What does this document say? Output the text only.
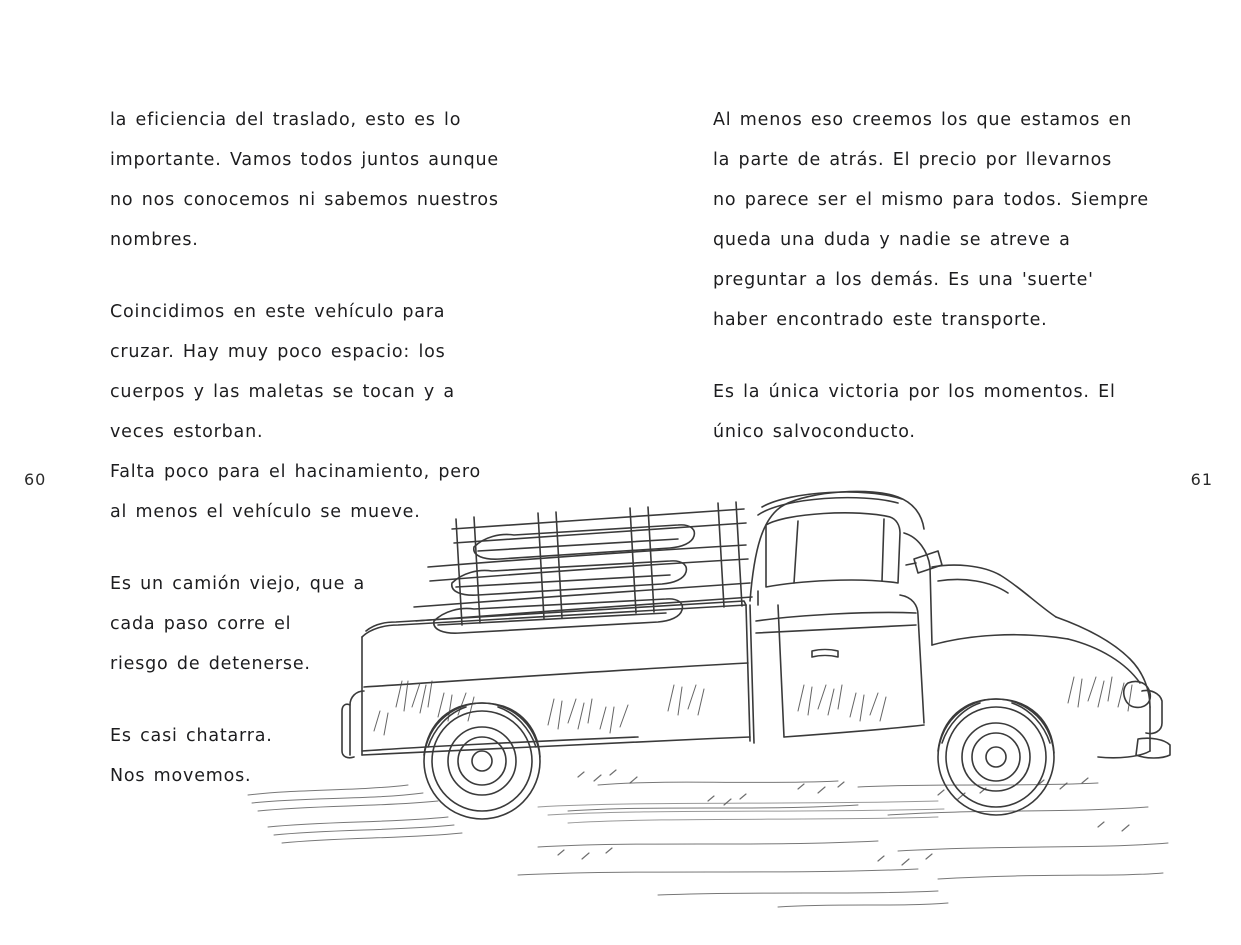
60	61

la eficiencia del traslado, esto es lo

importante. Vamos todos juntos aunque

no nos conocemos ni sabemos nuestros

nombres.

Coincidimos en este vehículo para

cruzar. Hay muy poco espacio: los

cuerpos y las maletas se tocan y a

veces estorban.

Falta poco para el hacinamiento, pero

al menos el vehículo se mueve.

Es un camión viejo, que a

cada paso corre el

riesgo de detenerse.

Es casi chatarra.

Nos movemos.

Al menos eso creemos los que estamos en

la parte de atrás. El precio por llevarnos

no parece ser el mismo para todos. Siempre

queda una duda y nadie se atreve a

preguntar a los demás. Es una 'suerte'

haber encontrado este transporte.

Es la única victoria por los momentos. El

único salvoconducto.
